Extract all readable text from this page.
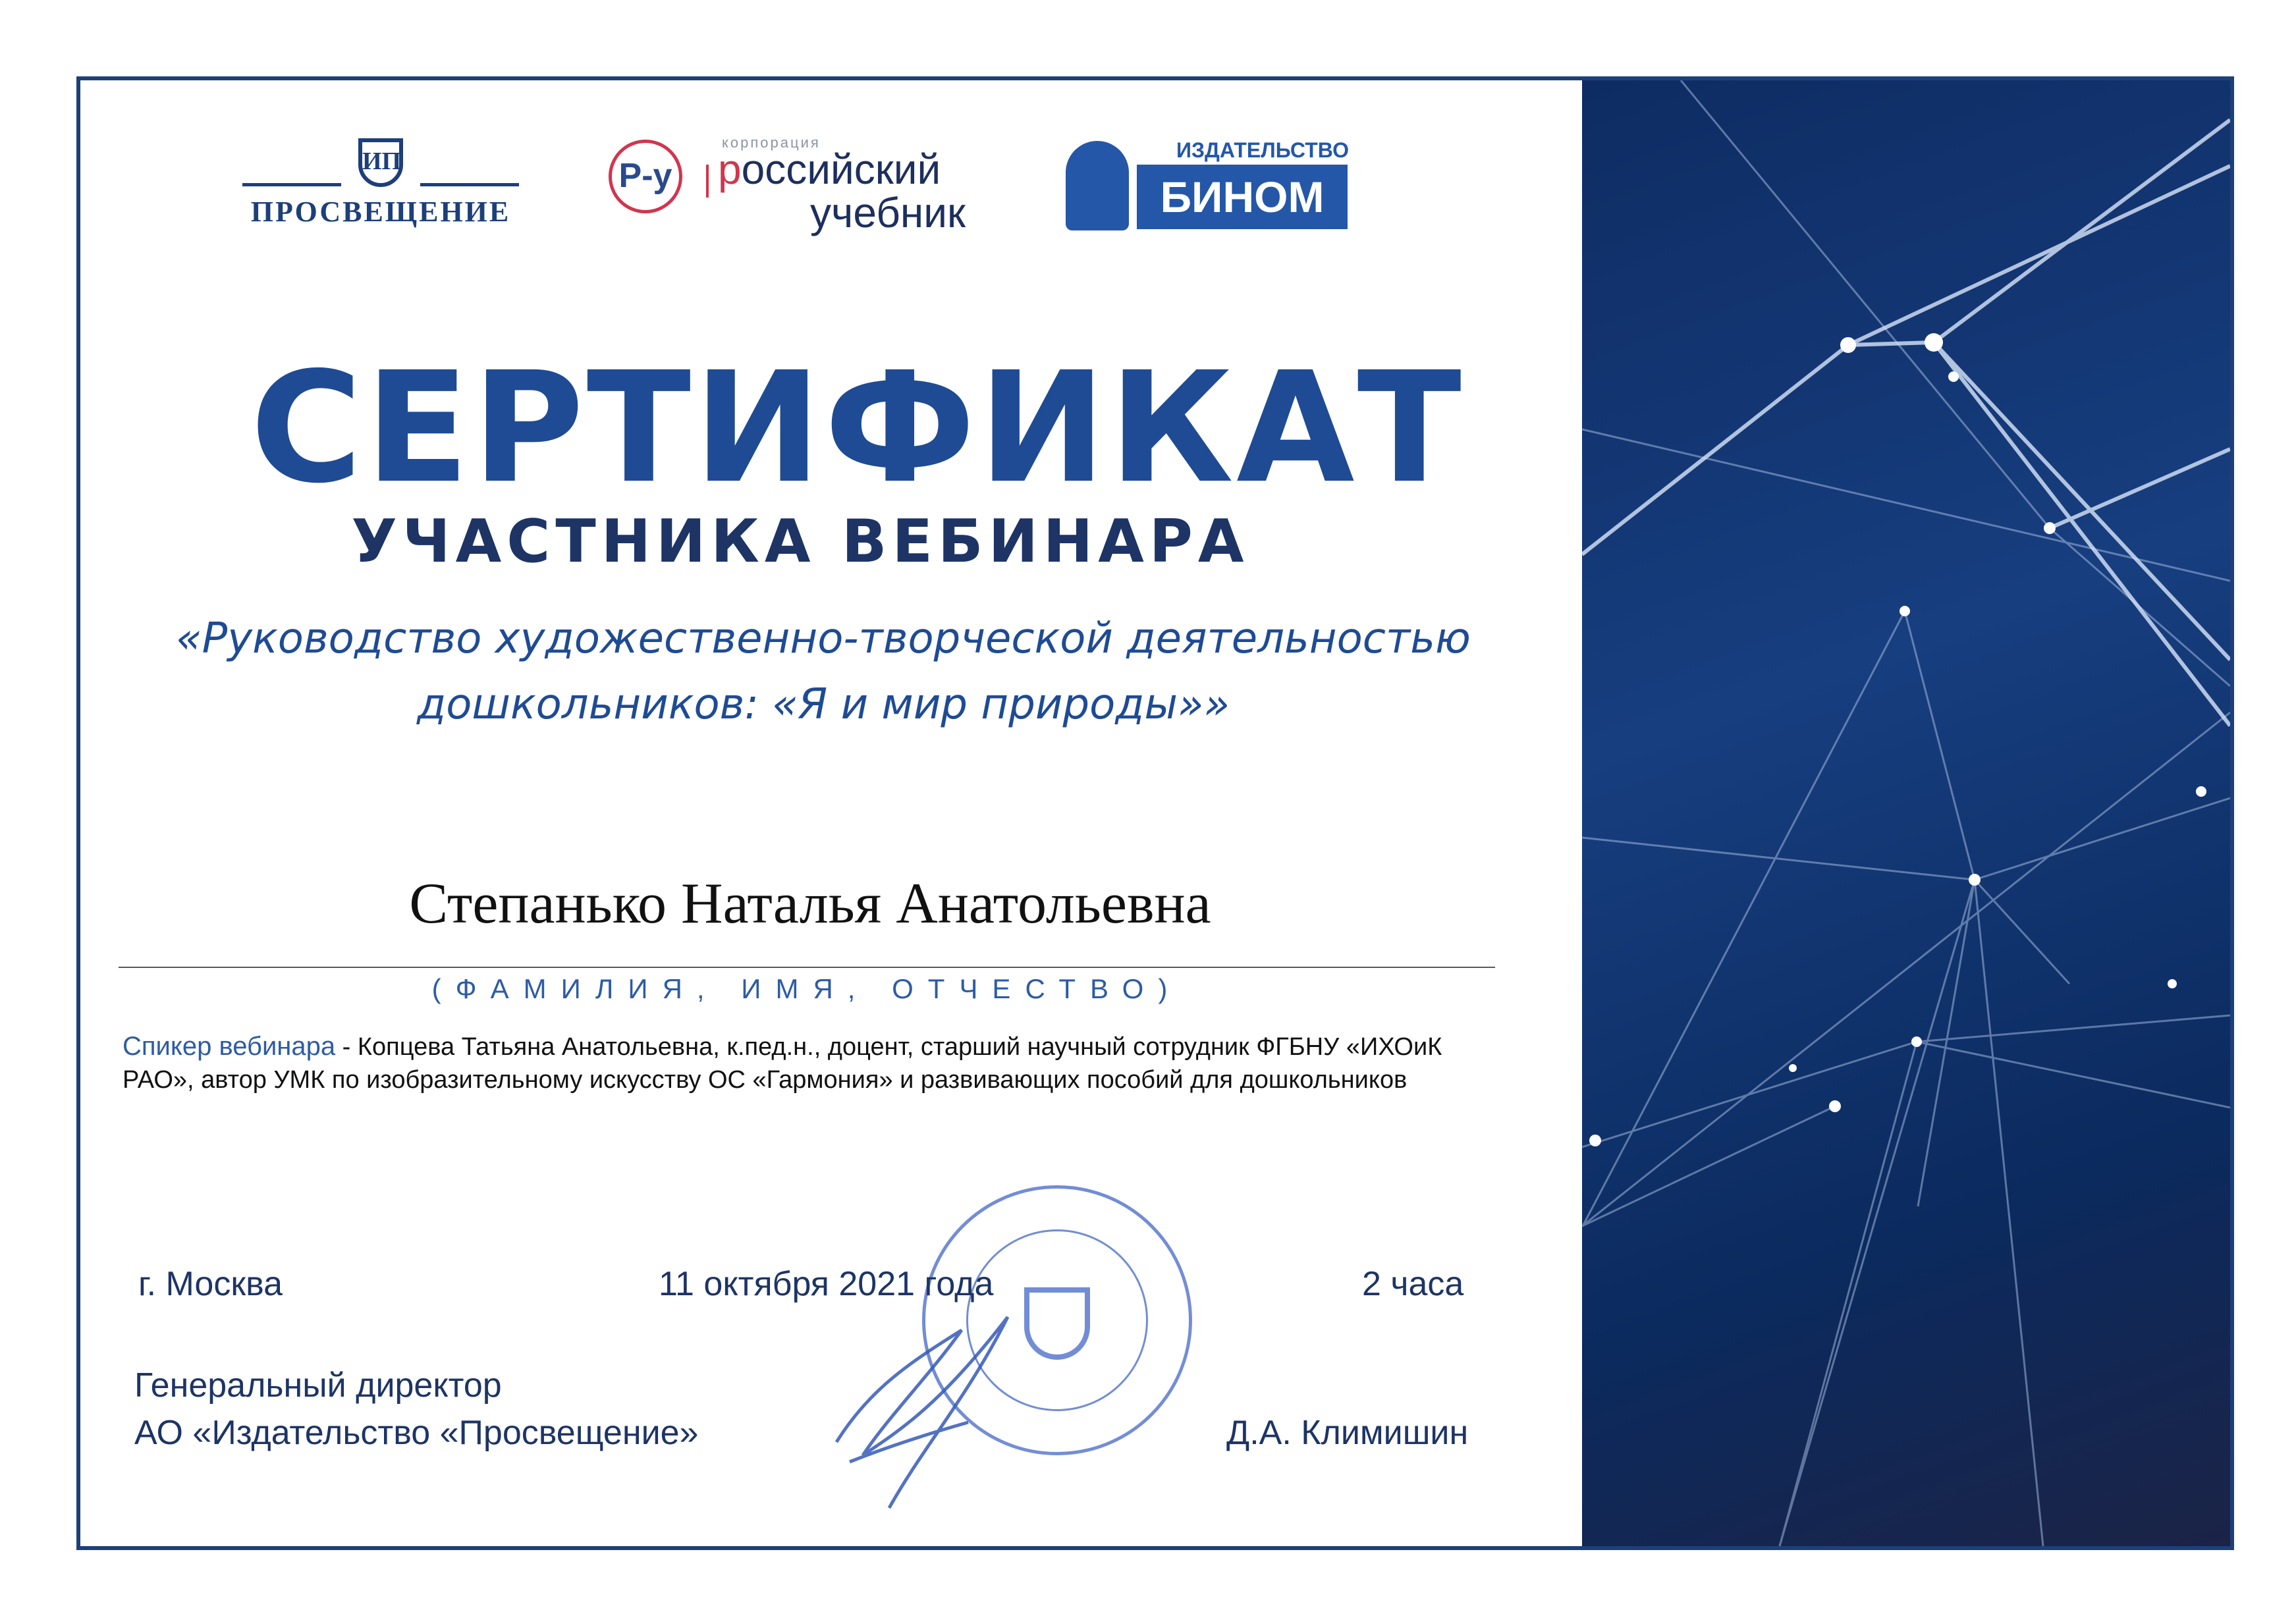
ИП
ПРОСВЕЩЕНИЕ
Р-у
корпорация
российский
учебник
ИЗДАТЕЛЬСТВО
БИНОМ
СЕРТИФИКАТ
УЧАСТНИКА ВЕБИНАРА
«Руководство художественно-творческой деятельностью
дошкольников: «Я и мир природы»»
Степанько Наталья Анатольевна
(ФАМИЛИЯ, ИМЯ, ОТЧЕСТВО)
Спикер вебинара - Копцева Татьяна Анатольевна, к.пед.н., доцент, старший научный сотрудник ФГБНУ «ИХОиК РАО», автор УМК по изобразительному искусству ОС «Гармония» и развивающих пособий для дошкольников
г. Москва	11 октября 2021 года	2 часа
Генеральный директор
АО «Издательство «Просвещение»	Д.А. Климишин
